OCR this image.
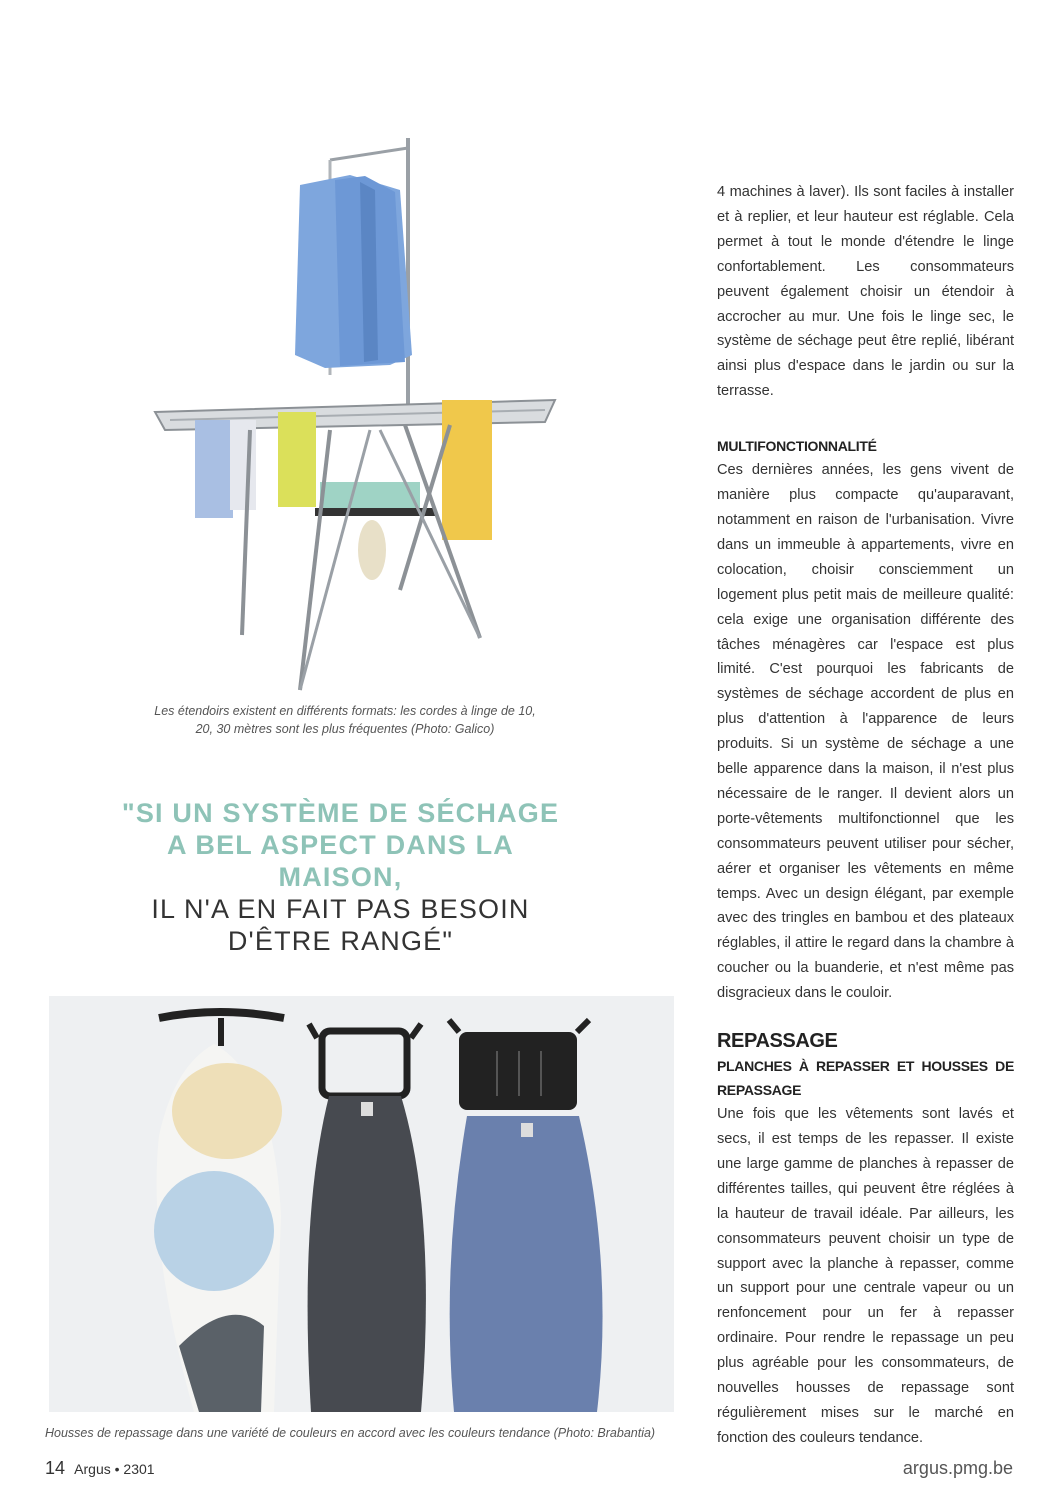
Les étendoirs existent en différents formats: les cordes à linge de 10, 20, 30 mètres sont les plus fréquentes (Photo: Galico)
"SI UN SYSTÈME DE SÉCHAGE A BEL ASPECT DANS LA MAISON,
IL N'A EN FAIT PAS BESOIN D'ÊTRE RANGÉ"
Housses de repassage dans une variété de couleurs en accord avec les couleurs tendance (Photo: Brabantia)

4 machines à laver). Ils sont faciles à installer et à replier, et leur hauteur est réglable. Cela permet à tout le monde d'étendre le linge confortablement. Les consommateurs peuvent également choisir un étendoir à accrocher au mur. Une fois le linge sec, le système de séchage peut être replié, libérant ainsi plus d'espace dans le jardin ou sur la terrasse.

MULTIFONCTIONNALITÉ

Ces dernières années, les gens vivent de manière plus compacte qu'auparavant, notamment en raison de l'urbanisation. Vivre dans un immeuble à appartements, vivre en colocation, choisir consciemment un logement plus petit mais de meilleure qualité: cela exige une organisation différente des tâches ménagères car l'espace est plus limité. C'est pourquoi les fabricants de systèmes de séchage accordent de plus en plus d'attention à l'apparence de leurs produits. Si un système de séchage a une belle apparence dans la maison, il n'est plus nécessaire de le ranger. Il devient alors un porte-vêtements multifonctionnel que les consommateurs peuvent utiliser pour sécher, aérer et organiser les vêtements en même temps. Avec un design élégant, par exemple avec des tringles en bambou et des plateaux réglables, il attire le regard dans la chambre à coucher ou la buanderie, et n'est même pas disgracieux dans le couloir.

REPASSAGE
PLANCHES À REPASSER ET HOUSSES DE REPASSAGE

Une fois que les vêtements sont lavés et secs, il est temps de les repasser. Il existe une large gamme de planches à repasser de différentes tailles, qui peuvent être réglées à la hauteur de travail idéale. Par ailleurs, les consommateurs peuvent choisir un type de support avec la planche à repasser, comme un support pour une centrale vapeur ou un renfoncement pour un fer à repasser ordinaire. Pour rendre le repassage un peu plus agréable pour les consommateurs, de nouvelles housses de repassage sont régulièrement mises sur le marché en fonction des couleurs tendance.

14 Argus • 2301	argus.pmg.be
